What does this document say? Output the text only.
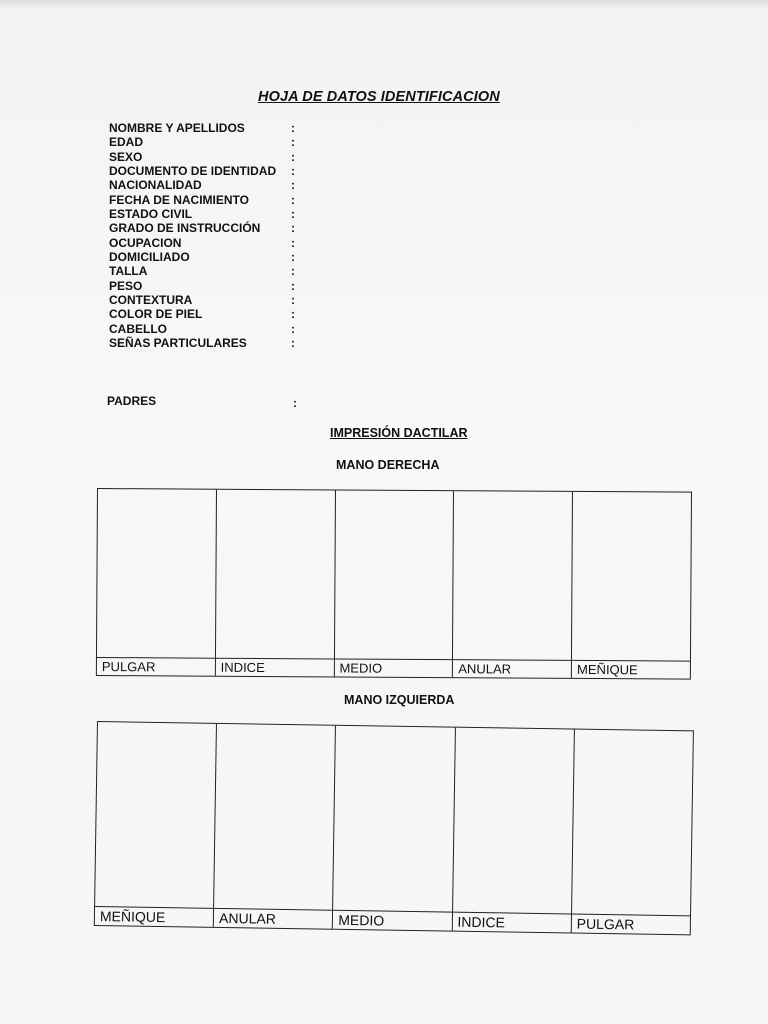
HOJA DE DATOS IDENTIFICACION
NOMBRE Y APELLIDOS	:
EDAD	:
SEXO	:
DOCUMENTO DE IDENTIDAD :
NACIONALIDAD	:
FECHA DE NACIMIENTO	:
ESTADO CIVIL	:
GRADO DE INSTRUCCIÓN	:
OCUPACION	:
DOMICILIADO	:
TALLA	:
PESO	:
CONTEXTURA	:
COLOR DE PIEL	:
CABELLO	:
SEÑAS PARTICULARES	:
PADRES	:
IMPRESIÓN DACTILAR
MANO DERECHA
PULGAR	INDICE	MEDIO	ANULAR	MEÑIQUE
MANO IZQUIERDA
MEÑIQUE	ANULAR	MEDIO	INDICE	PULGAR
